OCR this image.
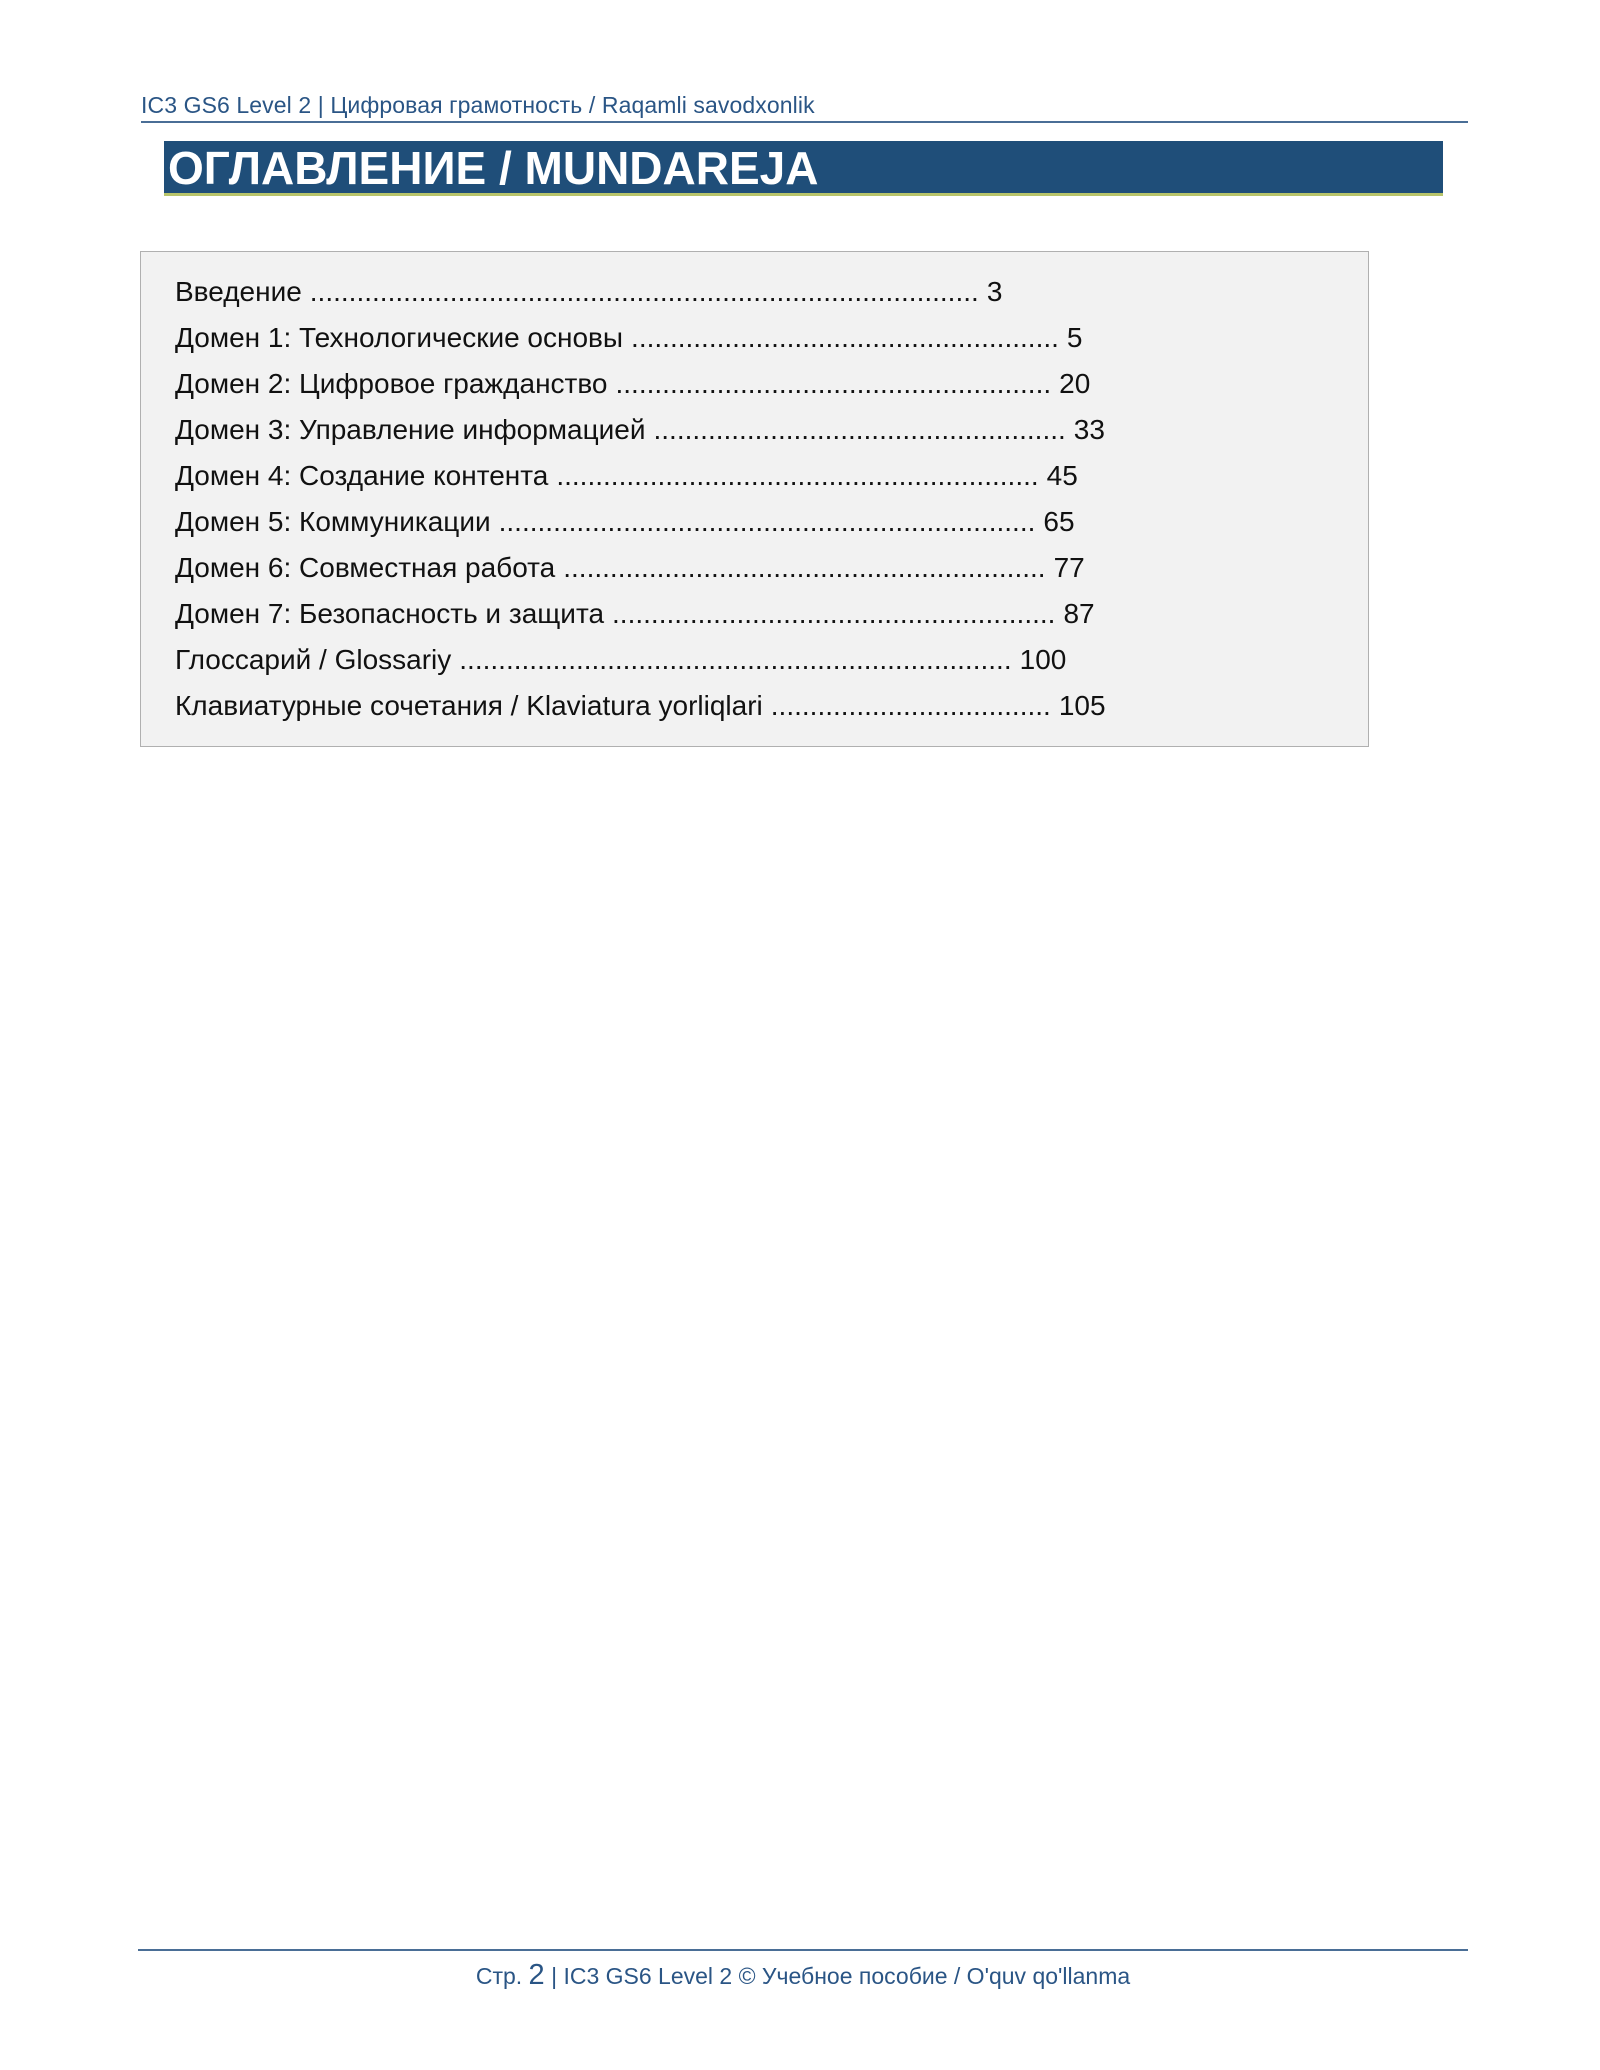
IC3 GS6 Level 2 | Цифровая грамотность / Raqamli savodxonlik
ОГЛАВЛЕНИЕ / MUNDAREJA
Введение ...................................................................................... 3
Домен 1: Технологические основы ....................................................... 5
Домен 2: Цифровое гражданство ........................................................ 20
Домен 3: Управление информацией ..................................................... 33
Домен 4: Создание контента .............................................................. 45
Домен 5: Коммуникации ..................................................................... 65
Домен 6: Совместная работа .............................................................. 77
Домен 7: Безопасность и защита ......................................................... 87
Глоссарий / Glossariy ....................................................................... 100
Клавиатурные сочетания / Klaviatura yorliqlari .................................... 105
Стр. 2 | IC3 GS6 Level 2 © Учебное пособие / O'quv qo'llanma
